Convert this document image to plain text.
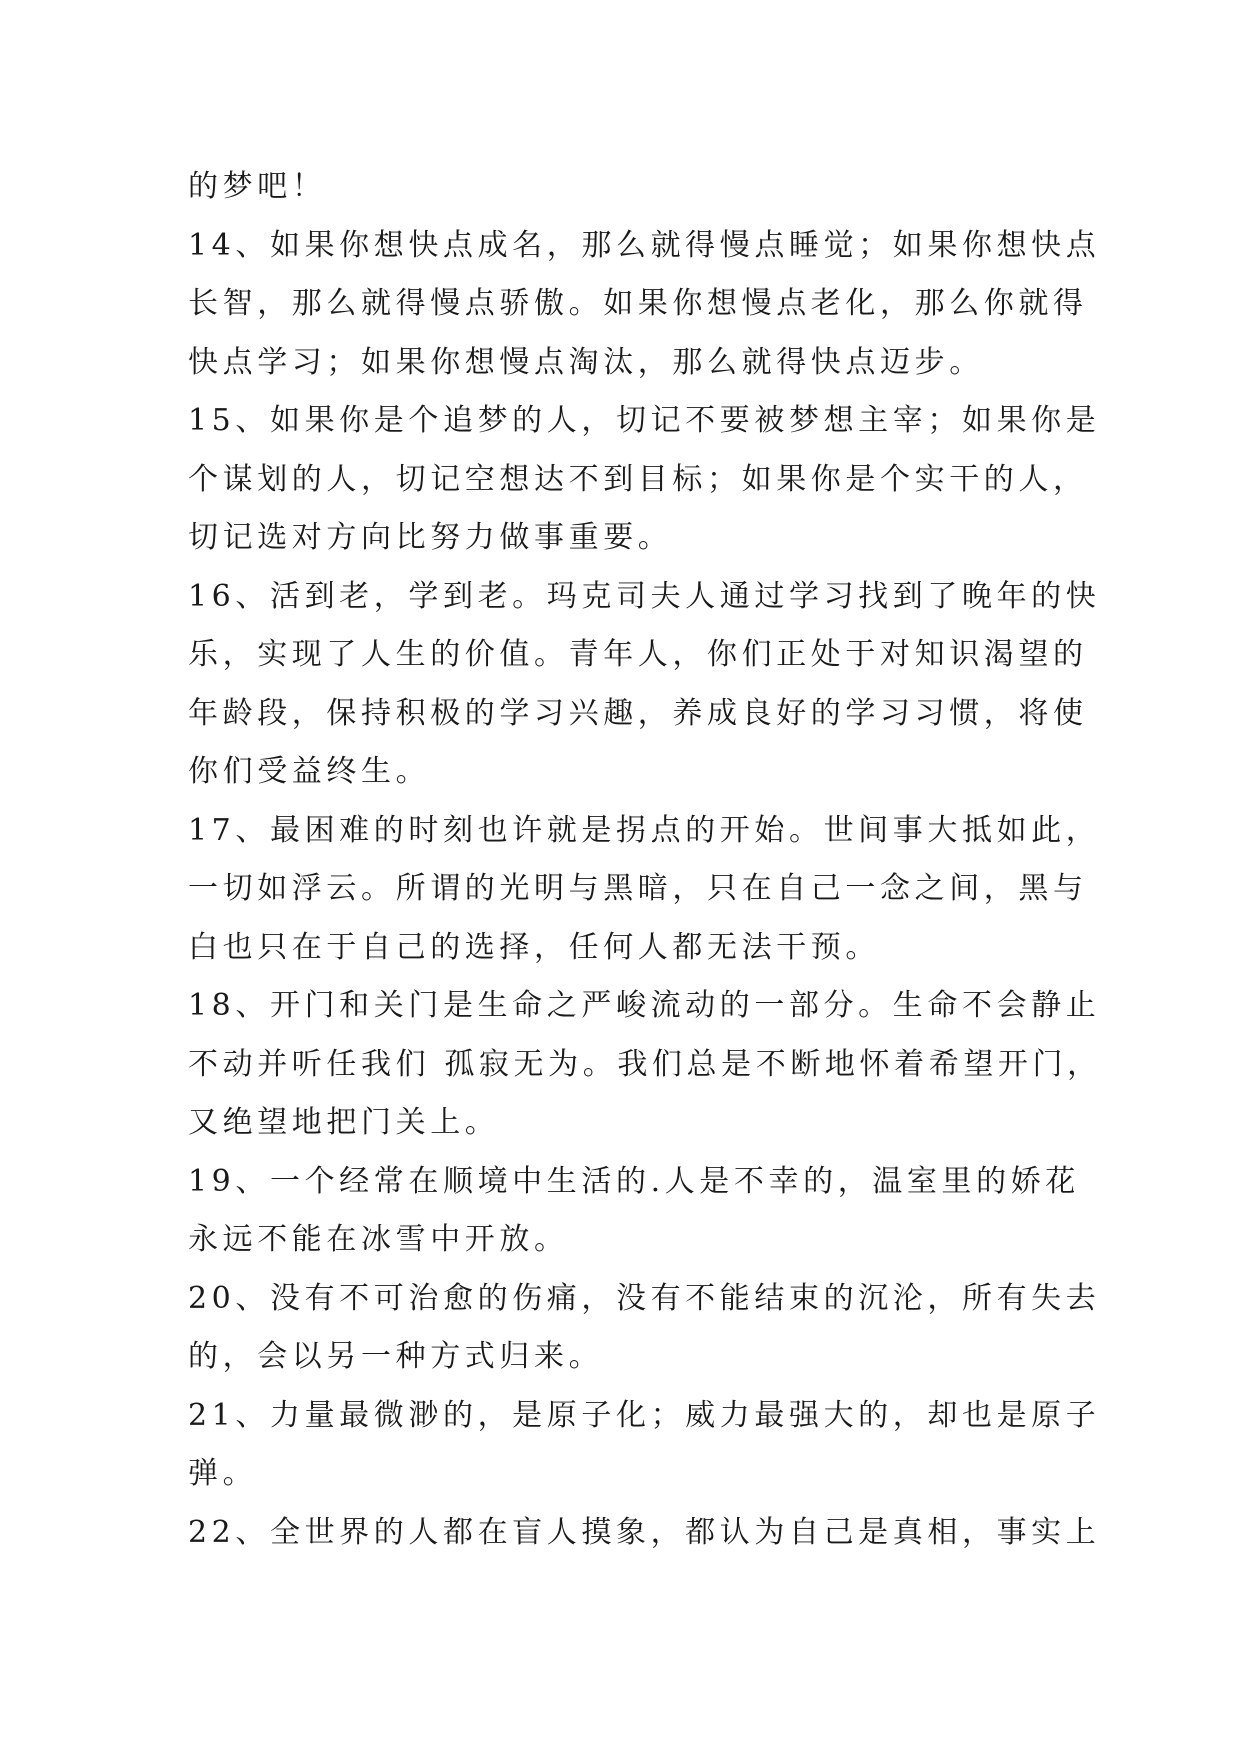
的梦吧！
14、如果你想快点成名，那么就得慢点睡觉；如果你想快点
长智，那么就得慢点骄傲。如果你想慢点老化，那么你就得
快点学习；如果你想慢点淘汰，那么就得快点迈步。
15、如果你是个追梦的人，切记不要被梦想主宰；如果你是
个谋划的人，切记空想达不到目标；如果你是个实干的人，
切记选对方向比努力做事重要。
16、活到老，学到老。玛克司夫人通过学习找到了晚年的快
乐，实现了人生的价值。青年人，你们正处于对知识渴望的
年龄段，保持积极的学习兴趣，养成良好的学习习惯，将使
你们受益终生。
17、最困难的时刻也许就是拐点的开始。世间事大抵如此，
一切如浮云。所谓的光明与黑暗，只在自己一念之间，黑与
白也只在于自己的选择，任何人都无法干预。
18、开门和关门是生命之严峻流动的一部分。生命不会静止
不动并听任我们 孤寂无为。我们总是不断地怀着希望开门，
又绝望地把门关上。
19、一个经常在顺境中生活的.人是不幸的，温室里的娇花
永远不能在冰雪中开放。
20、没有不可治愈的伤痛，没有不能结束的沉沦，所有失去
的，会以另一种方式归来。
21、力量最微渺的，是原子化；威力最强大的，却也是原子
弹。
22、全世界的人都在盲人摸象，都认为自己是真相，事实上
